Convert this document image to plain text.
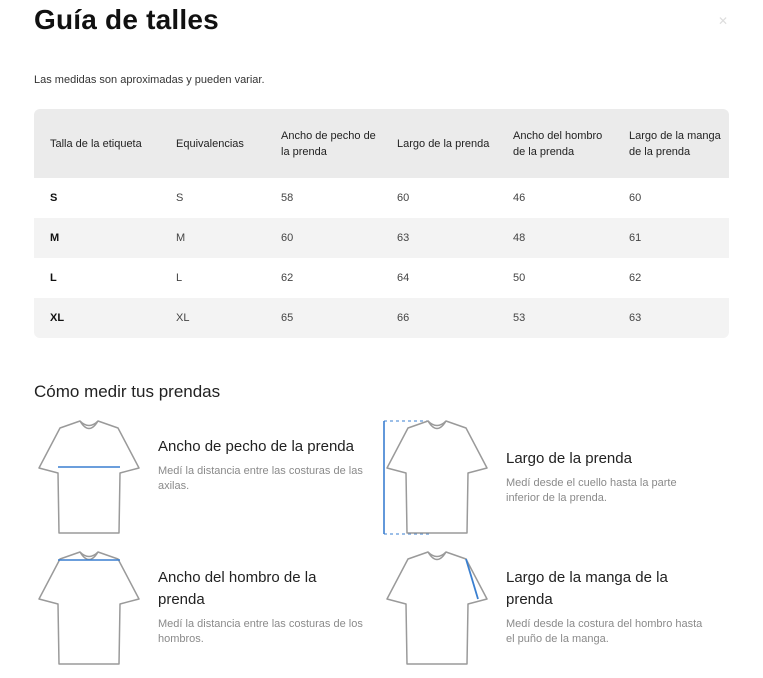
Guía de talles	✕

Las medidas son aproximadas y pueden variar.

Talla de la etiqueta	Equivalencias	Ancho de pecho de la prenda	Largo de la prenda	Ancho del hombro de la prenda	Largo de la manga de la prenda
S	S	58	60	46	60
M	M	60	63	48	61
L	L	62	64	50	62
XL	XL	65	66	53	63
Cómo medir tus prendas

Ancho de pecho de la prenda

Medí la distancia entre las costuras de las axilas.

Largo de la prenda

Medí desde el cuello hasta la parte inferior de la prenda.

Ancho del hombro de la prenda

Medí la distancia entre las costuras de los hombros.

Largo de la manga de la prenda

Medí desde la costura del hombro hasta el puño de la manga.
